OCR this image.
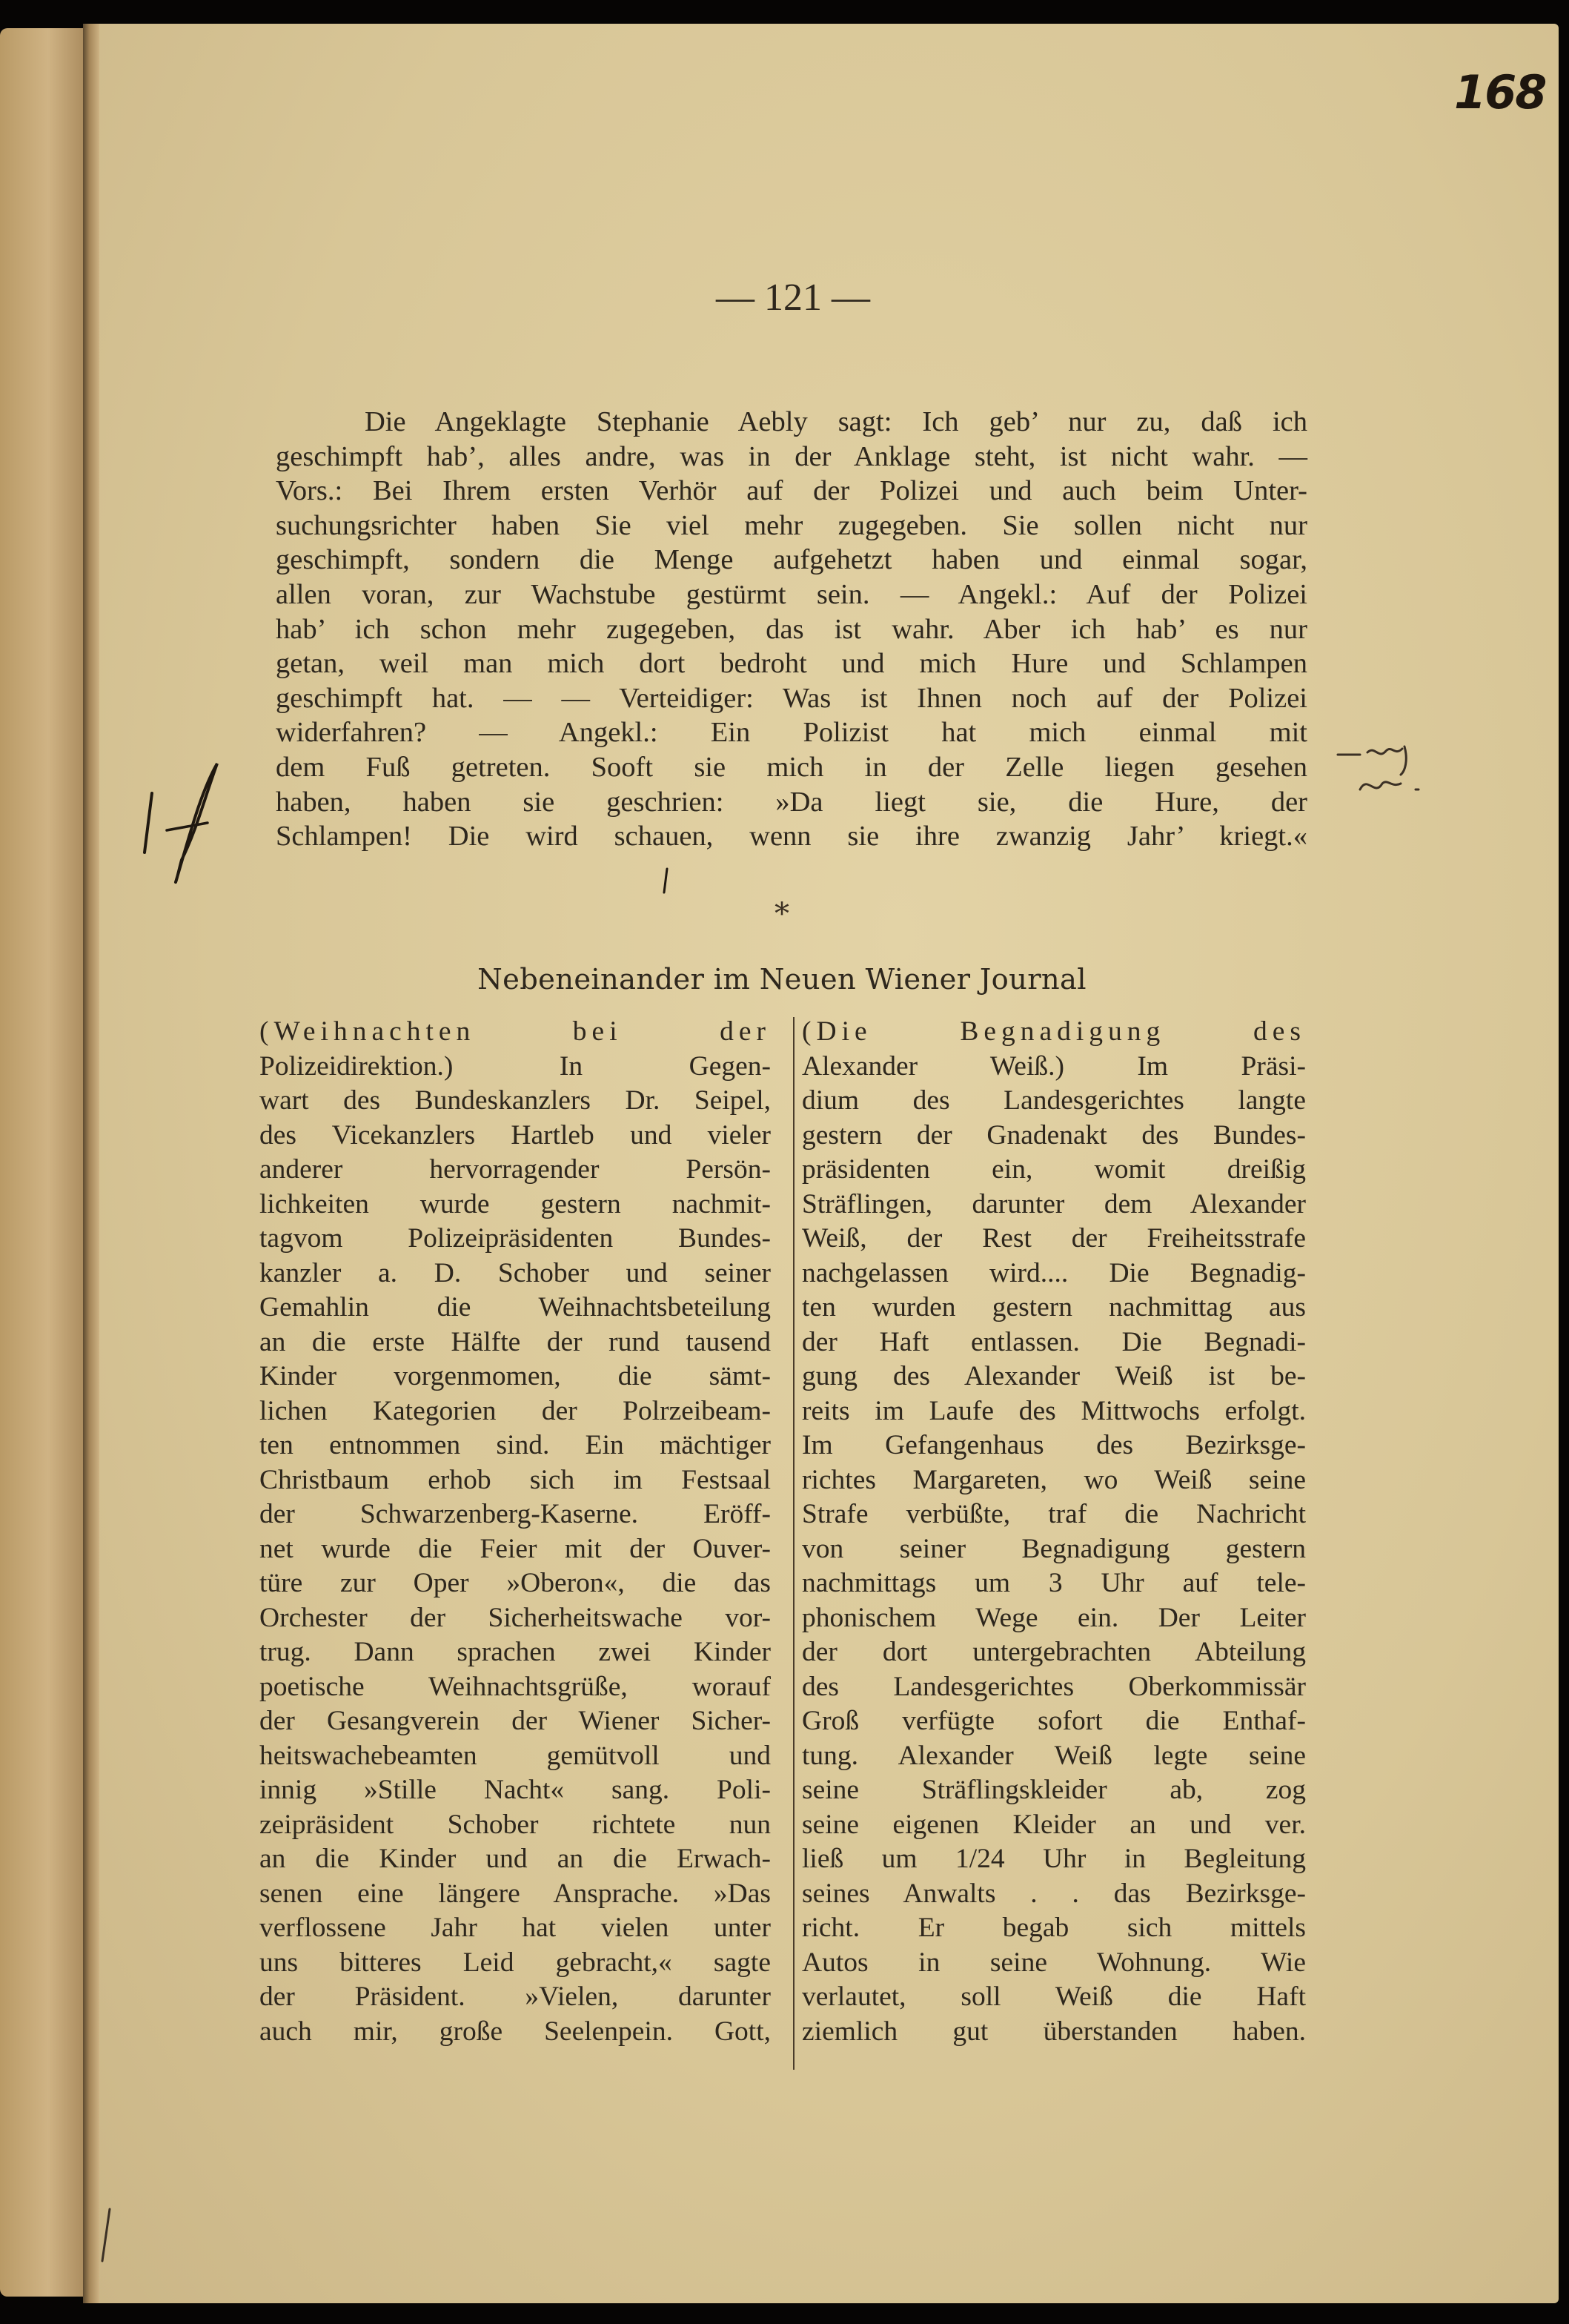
168

— 121 —

Die Angeklagte Stephanie Aebly sagt: Ich geb’ nur zu, daß ich
geschimpft hab’, alles andre, was in der Anklage steht, ist nicht wahr. —
Vors.: Bei Ihrem ersten Verhör auf der Polizei und auch beim Unter-
suchungsrichter haben Sie viel mehr zugegeben. Sie sollen nicht nur
geschimpft, sondern die Menge aufgehetzt haben und einmal sogar,
allen voran, zur Wachstube gestürmt sein. — Angekl.: Auf der Polizei
hab’ ich schon mehr zugegeben, das ist wahr. Aber ich hab’ es nur
getan, weil man mich dort bedroht und mich Hure und Schlampen
geschimpft hat. — — Verteidiger: Was ist Ihnen noch auf der Polizei
widerfahren? — Angekl.: Ein Polizist hat mich einmal mit
dem Fuß getreten. Sooft sie mich in der Zelle liegen gesehen
haben, haben sie geschrien: »Da liegt sie, die Hure, der
Schlampen! Die wird schauen, wenn sie ihre zwanzig Jahr’ kriegt.«

*

Nebeneinander im Neuen Wiener Journal

(Weihnachten bei der
Polizeidirektion.) In Gegen-
wart des Bundeskanzlers Dr. Seipel,
des Vicekanzlers Hartleb und vieler
anderer hervorragender Persön-
lichkeiten wurde gestern nachmit-
tagvom Polizeipräsidenten Bundes-
kanzler a. D. Schober und seiner
Gemahlin die Weihnachtsbeteilung
an die erste Hälfte der rund tausend
Kinder vorgenmomen, die sämt-
lichen Kategorien der Polrzeibeam-
ten entnommen sind. Ein mächtiger
Christbaum erhob sich im Festsaal
der Schwarzenberg-Kaserne. Eröff-
net wurde die Feier mit der Ouver-
türe zur Oper »Oberon«, die das
Orchester der Sicherheitswache vor-
trug. Dann sprachen zwei Kinder
poetische Weihnachtsgrüße, worauf
der Gesangverein der Wiener Sicher-
heitswachebeamten gemütvoll und
innig »Stille Nacht« sang. Poli-
zeipräsident Schober richtete nun
an die Kinder und an die Erwach-
senen eine längere Ansprache. »Das
verflossene Jahr hat vielen unter
uns bitteres Leid gebracht,« sagte
der Präsident. »Vielen, darunter
auch mir, große Seelenpein. Gott,
(Die Begnadigung des
Alexander Weiß.) Im Präsi-
dium des Landesgerichtes langte
gestern der Gnadenakt des Bundes-
präsidenten ein, womit dreißig
Sträflingen, darunter dem Alexander
Weiß, der Rest der Freiheitsstrafe
nachgelassen wird.... Die Begnadig-
ten wurden gestern nachmittag aus
der Haft entlassen. Die Begnadi-
gung des Alexander Weiß ist be-
reits im Laufe des Mittwochs erfolgt.
Im Gefangenhaus des Bezirksge-
richtes Margareten, wo Weiß seine
Strafe verbüßte, traf die Nachricht
von seiner Begnadigung gestern
nachmittags um 3 Uhr auf tele-
phonischem Wege ein. Der Leiter
der dort untergebrachten Abteilung
des Landesgerichtes Oberkommissär
Groß verfügte sofort die Enthaf-
tung. Alexander Weiß legte seine
seine Sträflingskleider ab, zog
seine eigenen Kleider an und ver.
ließ um 1/24 Uhr in Begleitung
seines Anwalts . . das Bezirksge-
richt. Er begab sich mittels
Autos in seine Wohnung. Wie
verlautet, soll Weiß die Haft
ziemlich gut überstanden haben.
